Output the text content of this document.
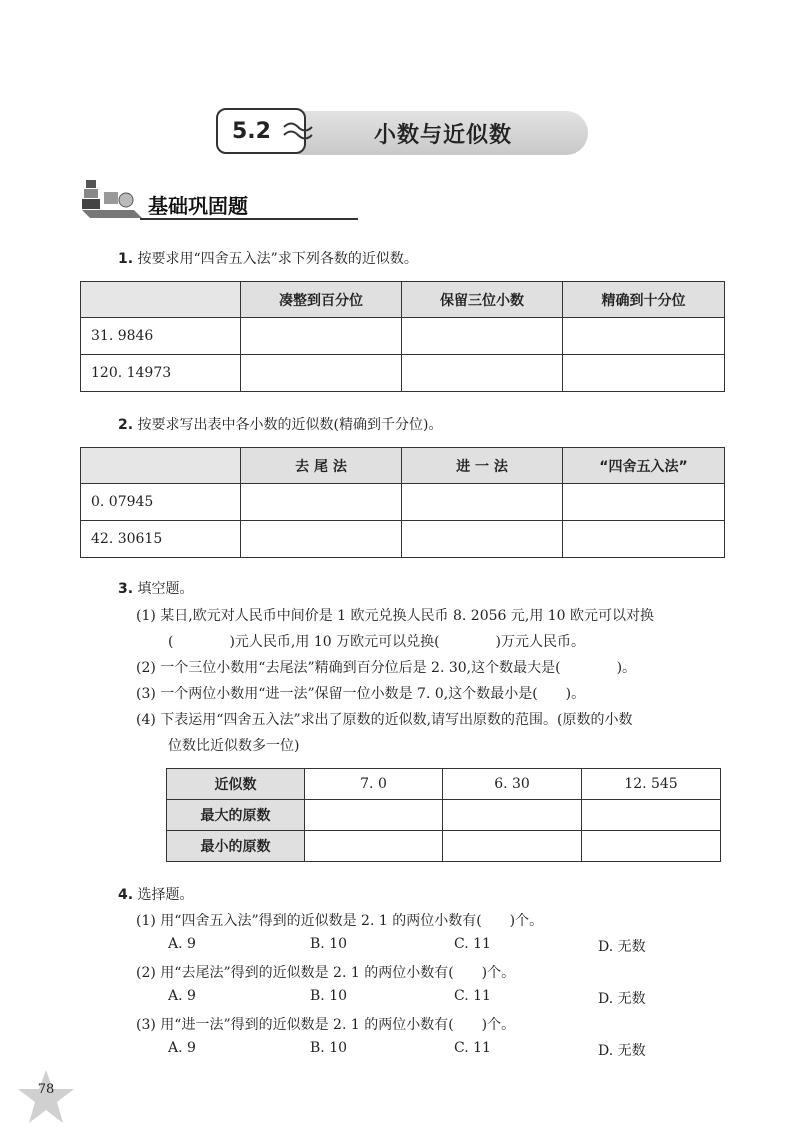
5.2	小数与近似数
基础巩固题
1. 按要求用“四舍五入法”求下列各数的近似数。
	凑整到百分位	保留三位小数	精确到十分位
31. 9846			
120. 14973			
2. 按要求写出表中各小数的近似数(精确到千分位)。
	去 尾 法	进 一 法	“四舍五入法”
0. 07945			
42. 30615			
3. 填空题。
(1) 某日,欧元对人民币中间价是 1 欧元兑换人民币 8. 2056 元,用 10 欧元可以对换
(　　　　)元人民币,用 10 万欧元可以兑换(　　　　)万元人民币。
(2) 一个三位小数用“去尾法”精确到百分位后是 2. 30,这个数最大是(　　　　)。
(3) 一个两位小数用“进一法”保留一位小数是 7. 0,这个数最小是(　　)。
(4) 下表运用“四舍五入法”求出了原数的近似数,请写出原数的范围。(原数的小数
位数比近似数多一位)
近似数	7. 0	6. 30	12. 545
最大的原数			
最小的原数			
4. 选择题。
(1) 用“四舍五入法”得到的近似数是 2. 1 的两位小数有(　　)个。
A. 9	B. 10	C. 11	D. 无数
(2) 用“去尾法”得到的近似数是 2. 1 的两位小数有(　　)个。
A. 9	B. 10	C. 11	D. 无数
(3) 用“进一法”得到的近似数是 2. 1 的两位小数有(　　)个。
A. 9	B. 10	C. 11	D. 无数
78
